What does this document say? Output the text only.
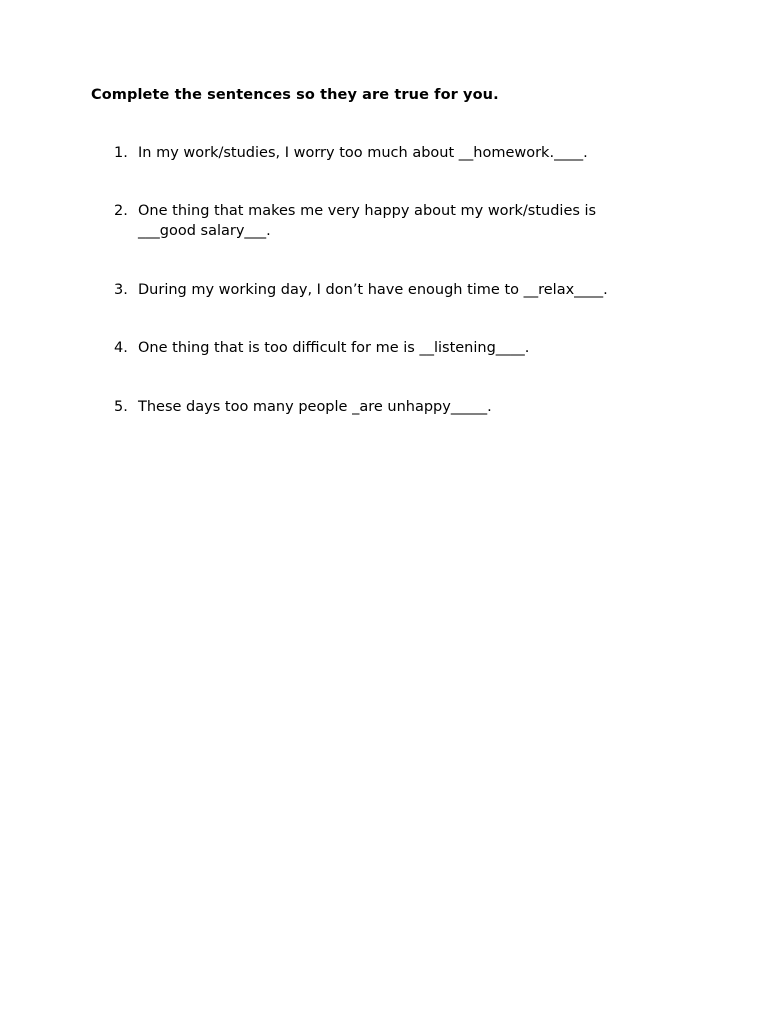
Complete the sentences so they are true for you.
1. In my work/studies, I worry too much about __homework.____.
2. One thing that makes me very happy about my work/studies is
___good salary___.
3. During my working day, I don’t have enough time to __relax____.
4. One thing that is too difficult for me is __listening____.
5. These days too many people _are unhappy_____.
